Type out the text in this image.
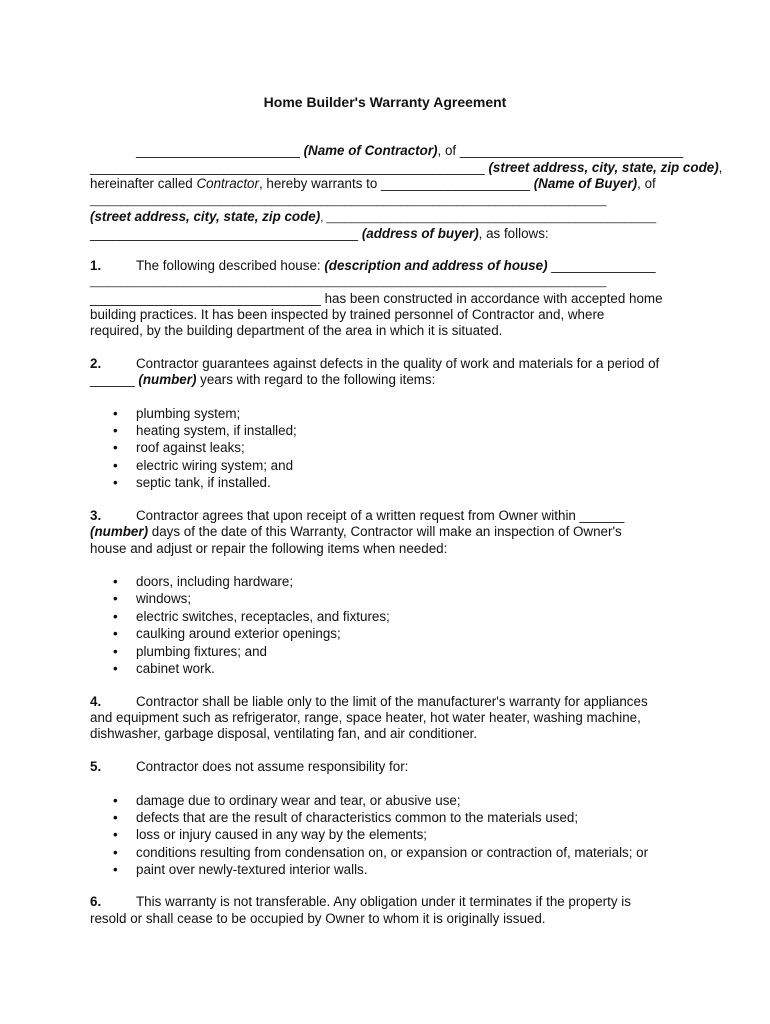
Home Builder's Warranty Agreement
______________________ (Name of Contractor), of ______________________________
_____________________________________________________ (street address, city, state, zip code),
hereinafter called Contractor, hereby warrants to ____________________ (Name of Buyer), of
___________________________________________________________________________________
(street address, city, state, zip code), _____________________________________________________
____________________________________ (address of buyer), as follows:
1.	The following described house: (description and address of house) ______________
___________________________________________________________________________________
_______________________________ has been constructed in accordance with accepted home
building practices. It has been inspected by trained personnel of Contractor and, where
required, by the building department of the area in which it is situated.
2.	Contractor guarantees against defects in the quality of work and materials for a period of
______ (number) years with regard to the following items:
• plumbing system;
• heating system, if installed;
• roof against leaks;
• electric wiring system; and
• septic tank, if installed.
3.	Contractor agrees that upon receipt of a written request from Owner within ______
(number) days of the date of this Warranty, Contractor will make an inspection of Owner's
house and adjust or repair the following items when needed:
• doors, including hardware;
• windows;
• electric switches, receptacles, and fixtures;
• caulking around exterior openings;
• plumbing fixtures; and
• cabinet work.
4.	Contractor shall be liable only to the limit of the manufacturer's warranty for appliances
and equipment such as refrigerator, range, space heater, hot water heater, washing machine,
dishwasher, garbage disposal, ventilating fan, and air conditioner.
5.	Contractor does not assume responsibility for:
• damage due to ordinary wear and tear, or abusive use;
• defects that are the result of characteristics common to the materials used;
• loss or injury caused in any way by the elements;
• conditions resulting from condensation on, or expansion or contraction of, materials; or
• paint over newly-textured interior walls.
6.	This warranty is not transferable. Any obligation under it terminates if the property is
resold or shall cease to be occupied by Owner to whom it is originally issued.
